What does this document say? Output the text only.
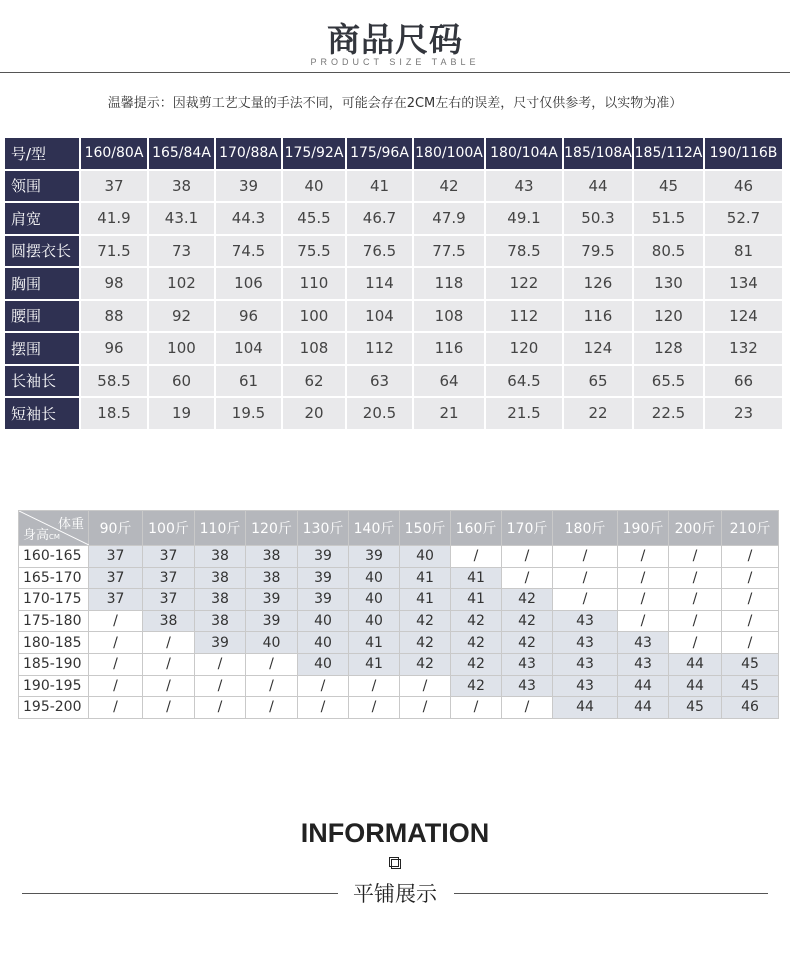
商品尺码
PRODUCT SIZE TABLE
温馨提示：因裁剪工艺丈量的手法不同，可能会存在2CM左右的误差，尺寸仅供参考，以实物为准）
号/型	160/80A	165/84A	170/88A	175/92A	175/96A	180/100A	180/104A	185/108A	185/112A	190/116B
领围	37	38	39	40	41	42	43	44	45	46
肩宽	41.9	43.1	44.3	45.5	46.7	47.9	49.1	50.3	51.5	52.7
圆摆衣长	71.5	73	74.5	75.5	76.5	77.5	78.5	79.5	80.5	81
胸围	98	102	106	110	114	118	122	126	130	134
腰围	88	92	96	100	104	108	112	116	120	124
摆围	96	100	104	108	112	116	120	124	128	132
长袖长	58.5	60	61	62	63	64	64.5	65	65.5	66
短袖长	18.5	19	19.5	20	20.5	21	21.5	22	22.5	23
体重
身高CM	90斤	100斤	110斤	120斤	130斤	140斤	150斤	160斤	170斤	180斤	190斤	200斤	210斤
160-165	37	37	38	38	39	39	40	/	/	/	/	/	/
165-170	37	37	38	38	39	40	41	41	/	/	/	/	/
170-175	37	37	38	39	39	40	41	41	42	/	/	/	/
175-180	/	38	38	39	40	40	42	42	42	43	/	/	/
180-185	/	/	39	40	40	41	42	42	42	43	43	/	/
185-190	/	/	/	/	40	41	42	42	43	43	43	44	45
190-195	/	/	/	/	/	/	/	42	43	43	44	44	45
195-200	/	/	/	/	/	/	/	/	/	44	44	45	46
INFORMATION
平铺展示
